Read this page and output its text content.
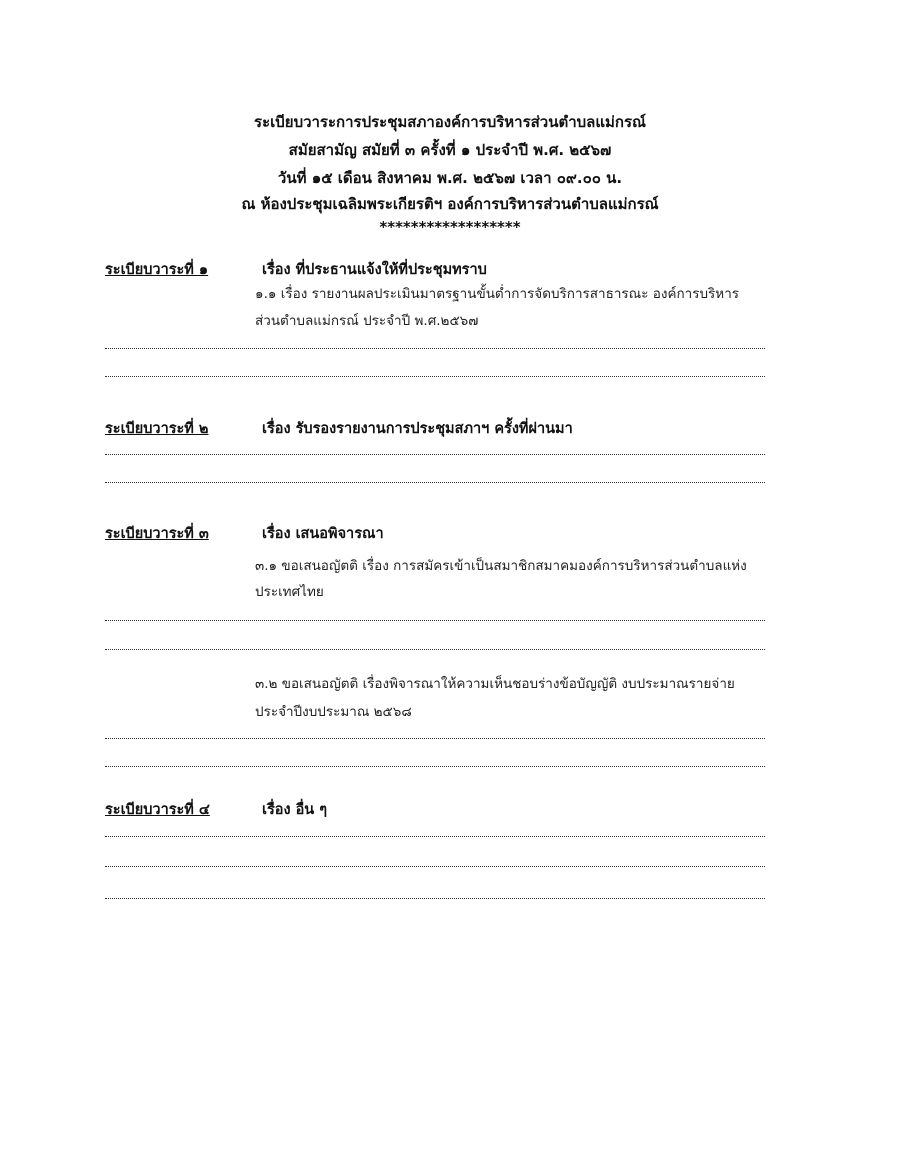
ระเบียบวาระการประชุมสภาองค์การบริหารส่วนตำบลแม่กรณ์
สมัยสามัญ สมัยที่ ๓ ครั้งที่ ๑ ประจำปี พ.ศ. ๒๕๖๗
วันที่ ๑๕ เดือน สิงหาคม พ.ศ. ๒๕๖๗ เวลา ๐๙.๐๐ น.
ณ ห้องประชุมเฉลิมพระเกียรติฯ องค์การบริหารส่วนตำบลแม่กรณ์
******************
ระเบียบวาระที่ ๑	เรื่อง ที่ประธานแจ้งให้ที่ประชุมทราบ
๑.๑ เรื่อง รายงานผลประเมินมาตรฐานขั้นต่ำการจัดบริการสาธารณะ องค์การบริหาร
ส่วนตำบลแม่กรณ์ ประจำปี พ.ศ.๒๕๖๗
ระเบียบวาระที่ ๒	เรื่อง รับรองรายงานการประชุมสภาฯ ครั้งที่ผ่านมา
ระเบียบวาระที่ ๓	เรื่อง เสนอพิจารณา
๓.๑ ขอเสนอญัตติ เรื่อง การสมัครเข้าเป็นสมาชิกสมาคมองค์การบริหารส่วนตำบลแห่ง
ประเทศไทย
๓.๒ ขอเสนอญัตติ เรื่องพิจารณาให้ความเห็นชอบร่างข้อบัญญัติ งบประมาณรายจ่าย
ประจำปีงบประมาณ ๒๕๖๘
ระเบียบวาระที่ ๔	เรื่อง อื่น ๆ
